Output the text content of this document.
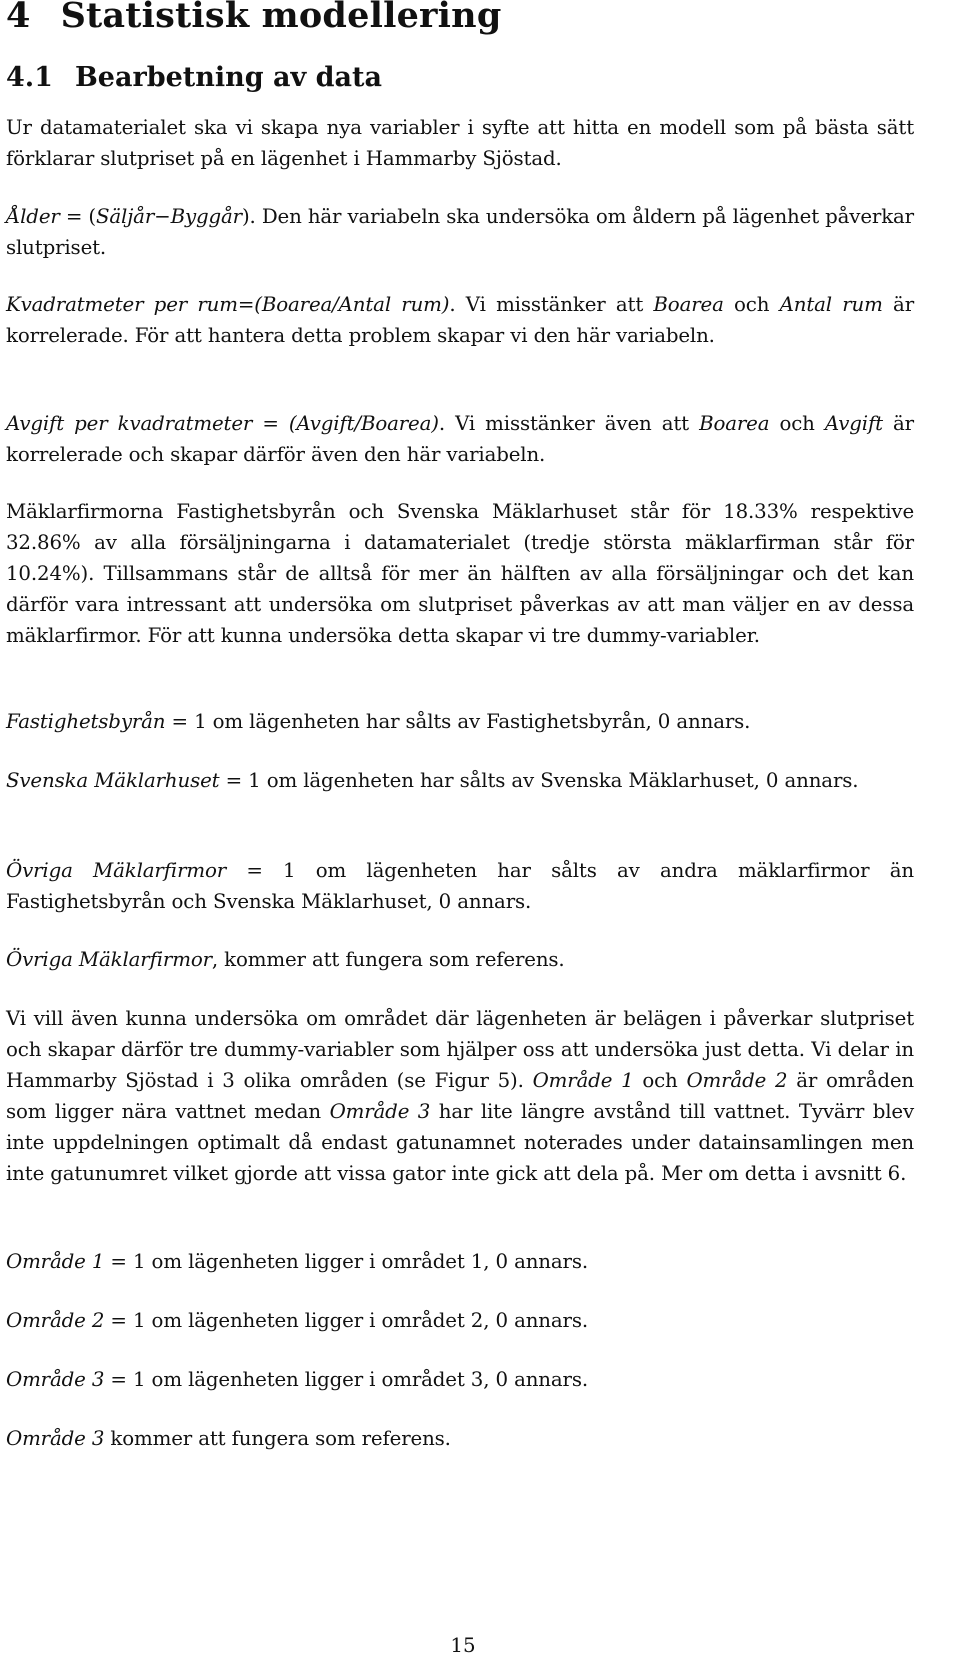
4 Statistisk modellering
4.1 Bearbetning av data

Ur datamaterialet ska vi skapa nya variabler i syfte att hitta en modell som på bästa sätt förklarar slutpriset på en lägenhet i Hammarby Sjöstad.

Ålder = (Säljår−Byggår). Den här variabeln ska undersöka om åldern på lägenhet påverkar slutpriset.

Kvadratmeter per rum=(Boarea/Antal rum). Vi misstänker att Boarea och Antal rum är korrelerade. För att hantera detta problem skapar vi den här variabeln.

Avgift per kvadratmeter = (Avgift/Boarea). Vi misstänker även att Boarea och Avgift är korrelerade och skapar därför även den här variabeln.

Mäklarfirmorna Fastighetsbyrån och Svenska Mäklarhuset står för 18.33% respektive 32.86% av alla försäljningarna i datamaterialet (tredje största mäklarfirman står för 10.24%). Tillsammans står de alltså för mer än hälften av alla försäljningar och det kan därför vara intressant att undersöka om slutpriset påverkas av att man väljer en av dessa mäklarfirmor. För att kunna undersöka detta skapar vi tre dummy-variabler.

Fastighetsbyrån = 1 om lägenheten har sålts av Fastighetsbyrån, 0 annars.

Svenska Mäklarhuset = 1 om lägenheten har sålts av Svenska Mäklarhuset, 0 annars.

Övriga Mäklarfirmor = 1 om lägenheten har sålts av andra mäklarfirmor än Fastighetsbyrån och Svenska Mäklarhuset, 0 annars.

Övriga Mäklarfirmor, kommer att fungera som referens.

Vi vill även kunna undersöka om området där lägenheten är belägen i påverkar slutpriset och skapar därför tre dummy-variabler som hjälper oss att undersöka just detta. Vi delar in Hammarby Sjöstad i 3 olika områden (se Figur 5). Område 1 och Område 2 är områden som ligger nära vattnet medan Område 3 har lite längre avstånd till vattnet. Tyvärr blev inte uppdelningen optimalt då endast gatunamnet noterades under datainsamlingen men inte gatunumret vilket gjorde att vissa gator inte gick att dela på. Mer om detta i avsnitt 6.

Område 1 = 1 om lägenheten ligger i området 1, 0 annars.

Område 2 = 1 om lägenheten ligger i området 2, 0 annars.

Område 3 = 1 om lägenheten ligger i området 3, 0 annars.

Område 3 kommer att fungera som referens.

15
